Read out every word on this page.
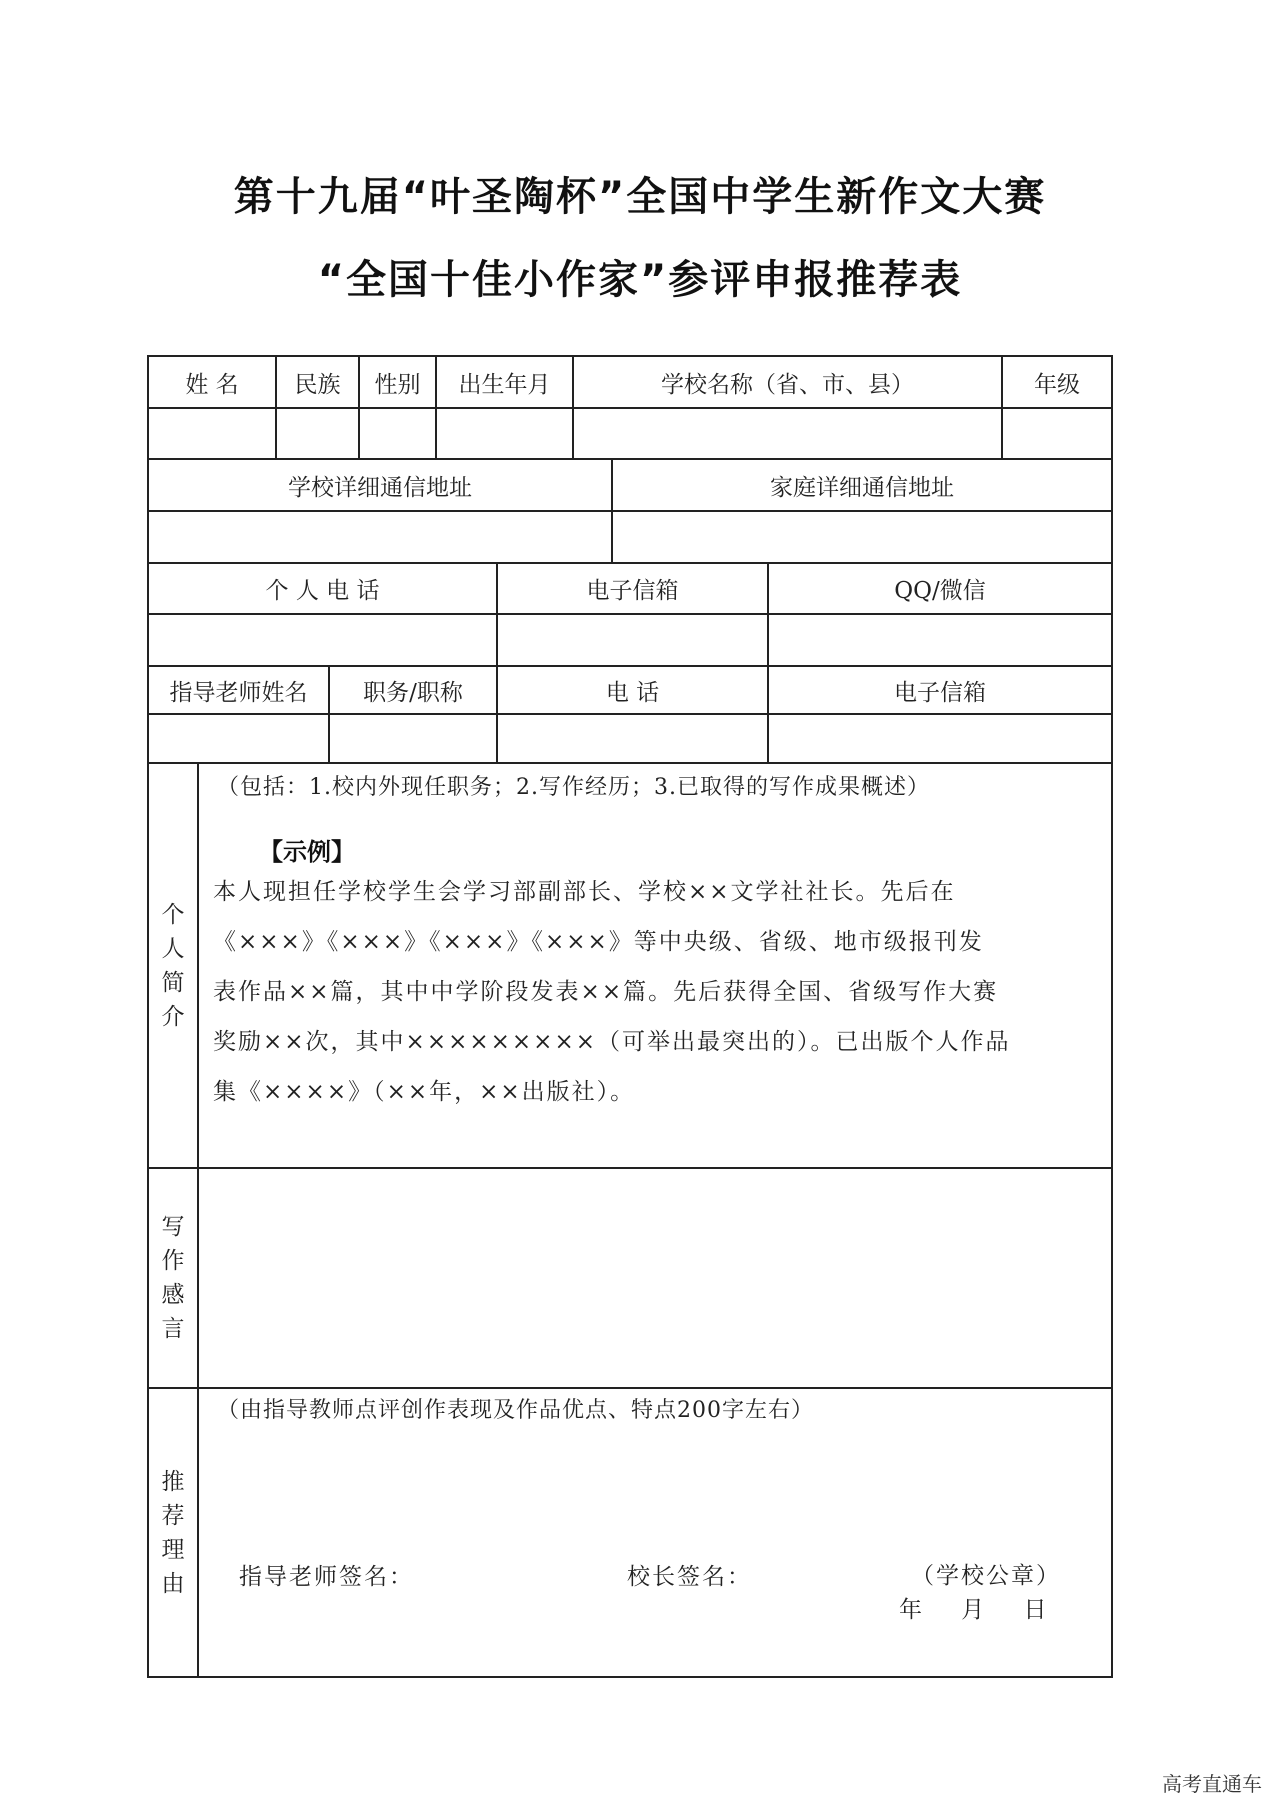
第十九届“叶圣陶杯”全国中学生新作文大赛
“全国十佳小作家”参评申报推荐表
姓 名	民族	性别	出生年月	学校名称（省、市、县）	年级
学校详细通信地址	家庭详细通信地址
个 人 电 话	电子信箱	QQ/微信
指导老师姓名	职务/职称	电 话	电子信箱
个
人
简
介
（包括：1.校内外现任职务；2.写作经历；3.已取得的写作成果概述）
【示例】
本人现担任学校学生会学习部副部长、学校××文学社社长。先后在
《×××》《×××》《×××》《×××》等中央级、省级、地市级报刊发
表作品××篇，其中中学阶段发表××篇。先后获得全国、省级写作大赛
奖励××次，其中×××××××××（可举出最突出的）。已出版个人作品
集《××××》（××年，××出版社）。
写
作
感
言
推
荐
理
由
（由指导教师点评创作表现及作品优点、特点200字左右）
指导老师签名：	校长签名：	（学校公章）
年    月    日
高考直通车
